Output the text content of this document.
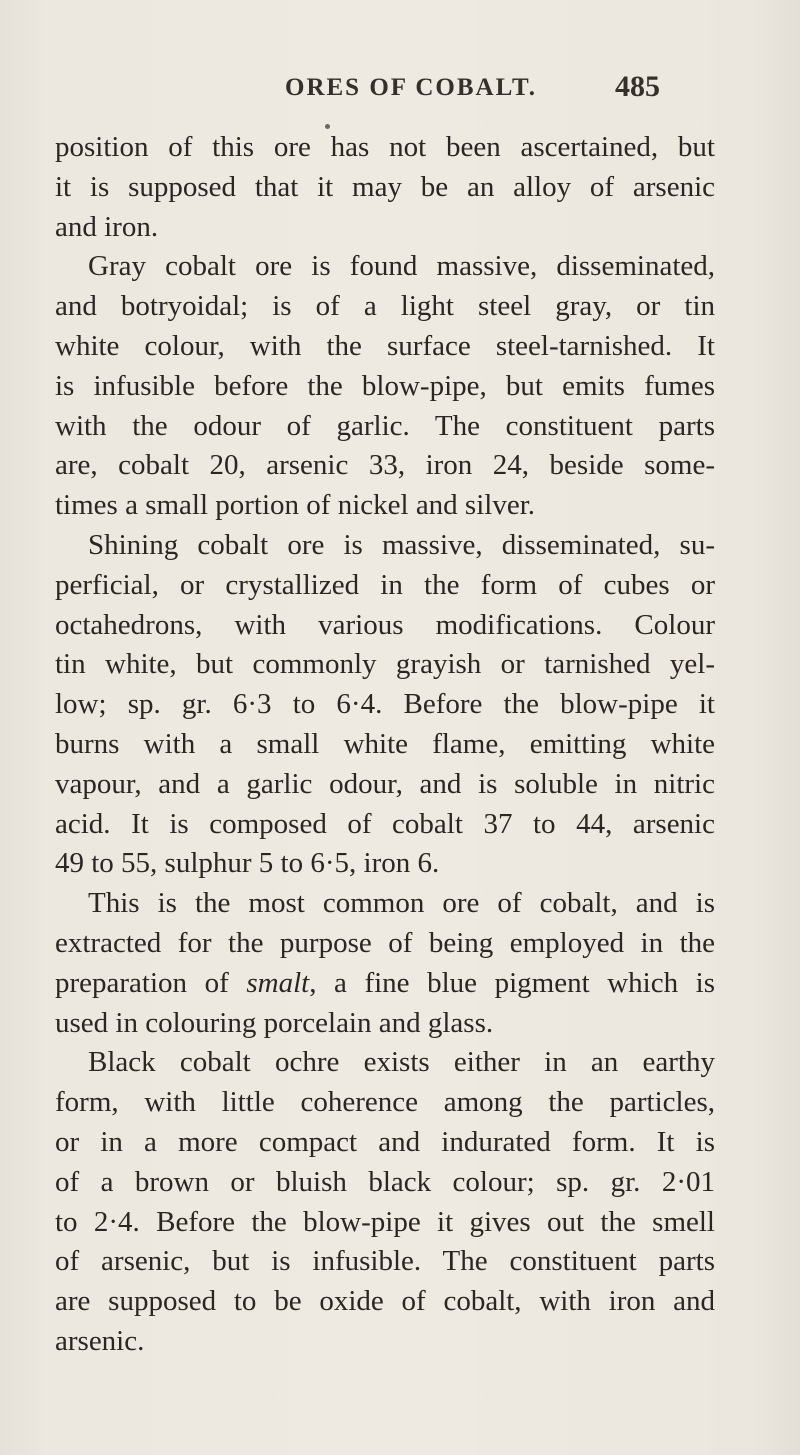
ORES OF COBALT.	485
position of this ore has not been ascertained, but
it is supposed that it may be an alloy of arsenic
and iron.
Gray cobalt ore is found massive, disseminated,
and botryoidal; is of a light steel gray, or tin
white colour, with the surface steel-tarnished. It
is infusible before the blow-pipe, but emits fumes
with the odour of garlic. The constituent parts
are, cobalt 20, arsenic 33, iron 24, beside some-
times a small portion of nickel and silver.
Shining cobalt ore is massive, disseminated, su-
perficial, or crystallized in the form of cubes or
octahedrons, with various modifications. Colour
tin white, but commonly grayish or tarnished yel-
low; sp. gr. 6·3 to 6·4. Before the blow-pipe it
burns with a small white flame, emitting white
vapour, and a garlic odour, and is soluble in nitric
acid. It is composed of cobalt 37 to 44, arsenic
49 to 55, sulphur 5 to 6·5, iron 6.
This is the most common ore of cobalt, and is
extracted for the purpose of being employed in the
preparation of smalt, a fine blue pigment which is
used in colouring porcelain and glass.
Black cobalt ochre exists either in an earthy
form, with little coherence among the particles,
or in a more compact and indurated form. It is
of a brown or bluish black colour; sp. gr. 2·01
to 2·4. Before the blow-pipe it gives out the smell
of arsenic, but is infusible. The constituent parts
are supposed to be oxide of cobalt, with iron and
arsenic.
